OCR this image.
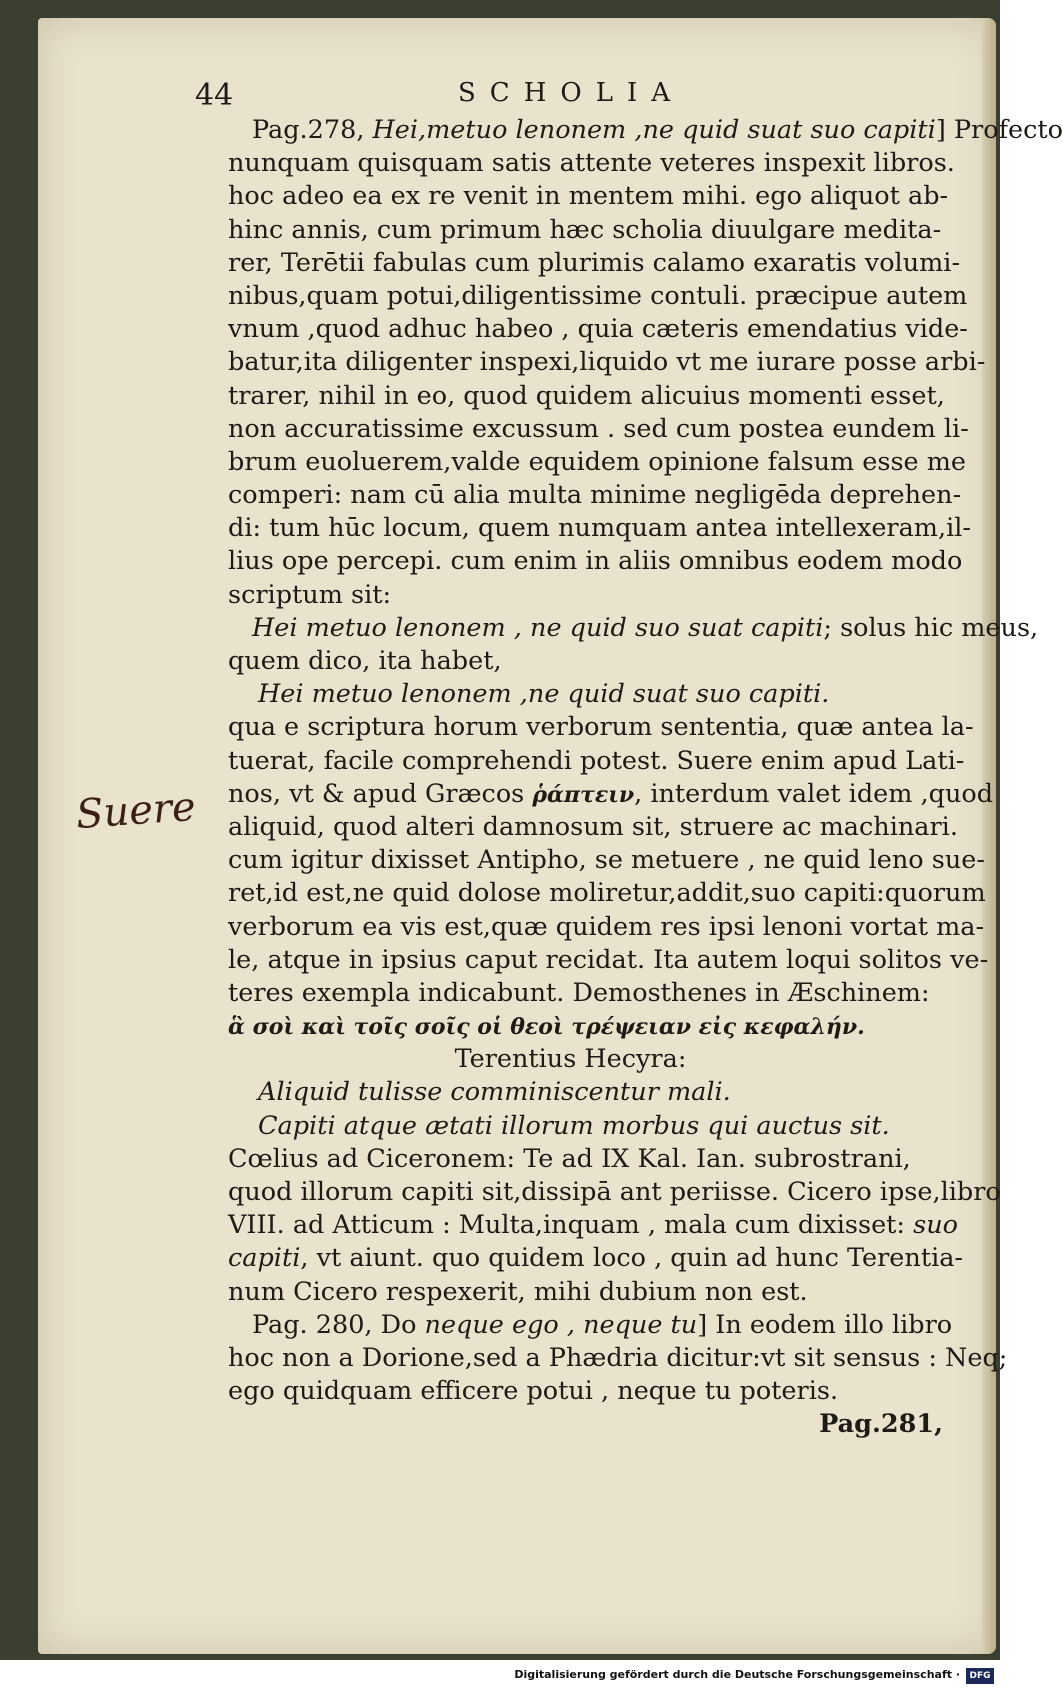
44	SCHOLIA
Suere
Pag.278, Hei,metuo lenonem ,ne quid suat suo capiti] Profecto
nunquam quisquam satis attente veteres inspexit libros.
hoc adeo ea ex re venit in mentem mihi. ego aliquot ab-
hinc annis, cum primum hæc scholia diuulgare medita-
rer, Terētii fabulas cum plurimis calamo exaratis volumi-
nibus,quam potui,diligentissime contuli. præcipue autem
vnum ,quod adhuc habeo , quia cæteris emendatius vide-
batur,ita diligenter inspexi,liquido vt me iurare posse arbi-
trarer, nihil in eo, quod quidem alicuius momenti esset,
non accuratissime excussum . sed cum postea eundem li-
brum euoluerem,valde equidem opinione falsum esse me
comperi: nam cū alia multa minime negligēda deprehen-
di: tum hūc locum, quem numquam antea intellexeram,il-
lius ope percepi. cum enim in aliis omnibus eodem modo
scriptum sit:
Hei metuo lenonem , ne quid suo suat capiti; solus hic meus,
quem dico, ita habet,
Hei metuo lenonem ,ne quid suat suo capiti.
qua e scriptura horum verborum sententia, quæ antea la-
tuerat, facile comprehendi potest. Suere enim apud Lati-
nos, vt & apud Græcos ῥάπτειν, interdum valet idem ,quod
aliquid, quod alteri damnosum sit, struere ac machinari.
cum igitur dixisset Antipho, se metuere , ne quid leno sue-
ret,id est,ne quid dolose moliretur,addit,suo capiti:quorum
verborum ea vis est,quæ quidem res ipsi lenoni vortat ma-
le, atque in ipsius caput recidat. Ita autem loqui solitos ve-
teres exempla indicabunt. Demosthenes in Æschinem:
ἃ σοὶ καὶ τοῖς σοῖς οἱ θεοὶ τρέψειαν εἰς κεφαλήν.
Terentius Hecyra:
Aliquid tulisse comminiscentur mali.
Capiti atque ætati illorum morbus qui auctus sit.
Cœlius ad Ciceronem: Te ad IX Kal. Ian. subrostrani,
quod illorum capiti sit,dissipā ant periisse. Cicero ipse,libro
VIII. ad Atticum : Multa,inquam , mala cum dixisset: suo
capiti, vt aiunt. quo quidem loco , quin ad hunc Terentia-
num Cicero respexerit, mihi dubium non est.
Pag. 280, Do neque ego , neque tu] In eodem illo libro
hoc non a Dorione,sed a Phædria dicitur:vt sit sensus : Neq;
ego quidquam efficere potui , neque tu poteris.
Pag.281,
Digitalisierung gefördert durch die Deutsche Forschungsgemeinschaft ·	DFG
